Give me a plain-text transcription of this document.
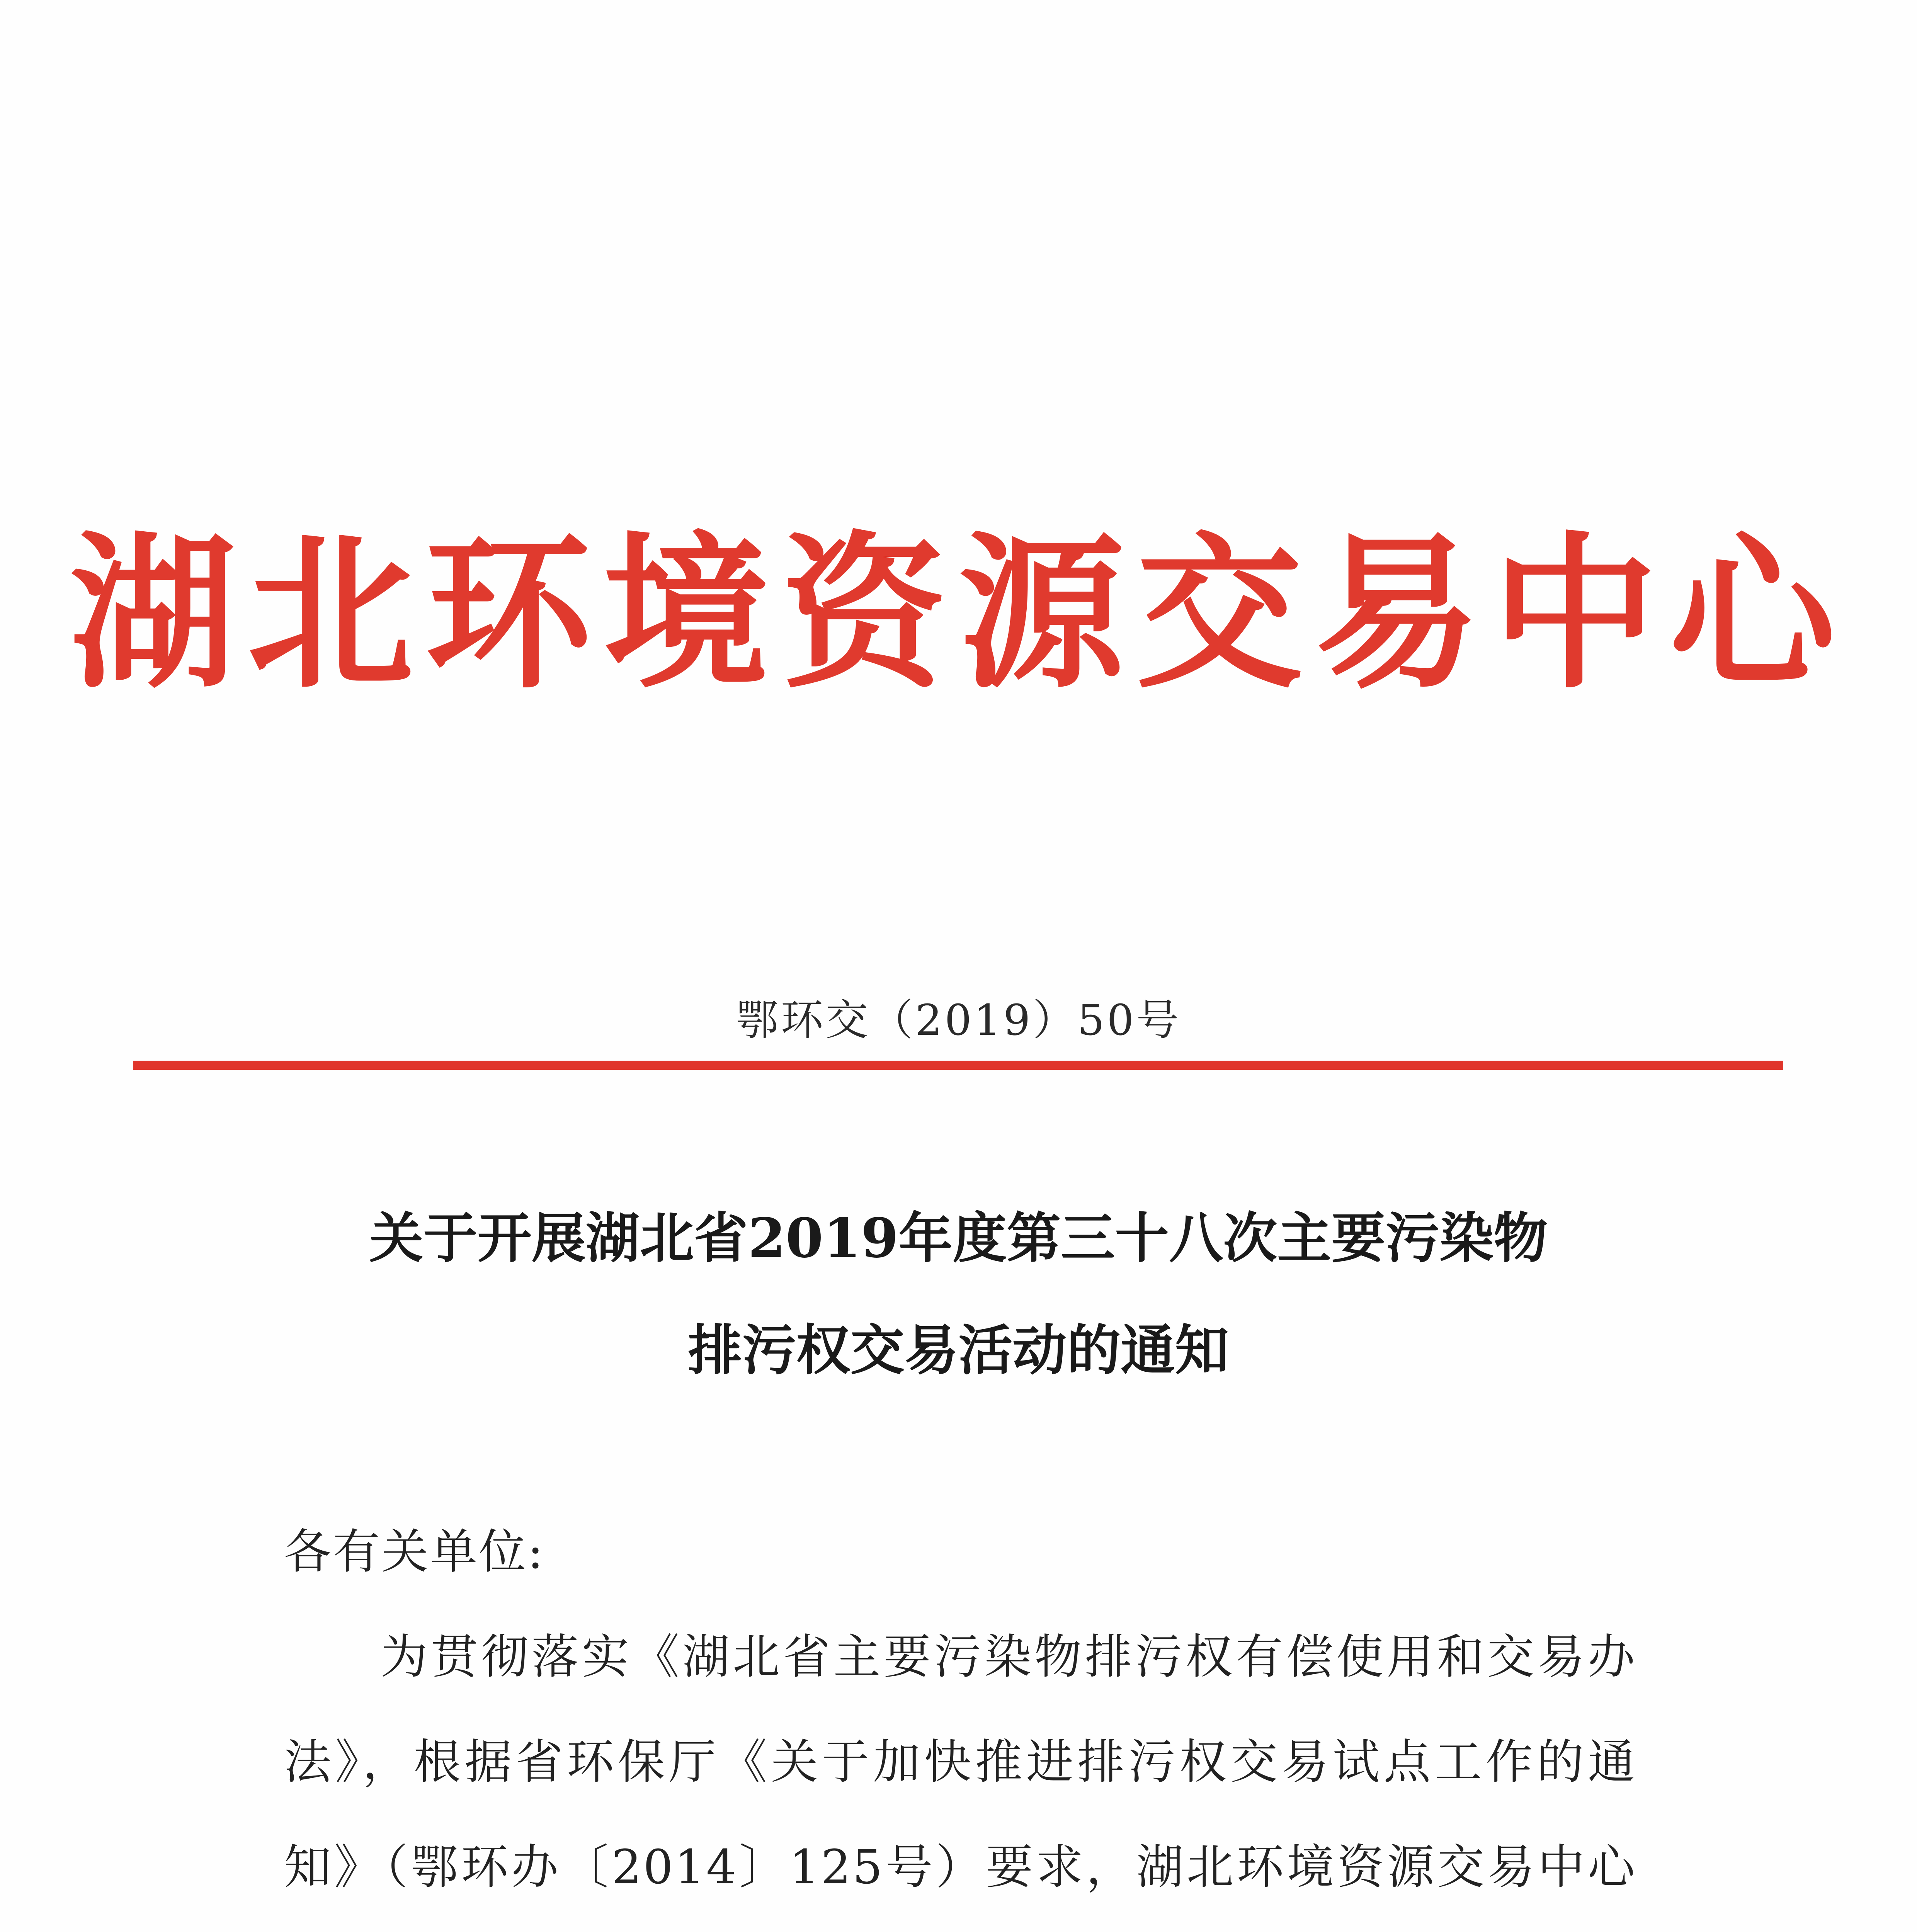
湖北环境资源交易中心
鄂环交（2019）50号
关于开展湖北省2019年度第三十八次主要污染物
排污权交易活动的通知

各有关单位:

为贯彻落实《湖北省主要污染物排污权有偿使用和交易办法》，根据省环保厅《关于加快推进排污权交易试点工作的通知》（鄂环办〔2014〕125号）要求，湖北环境资源交易中心
